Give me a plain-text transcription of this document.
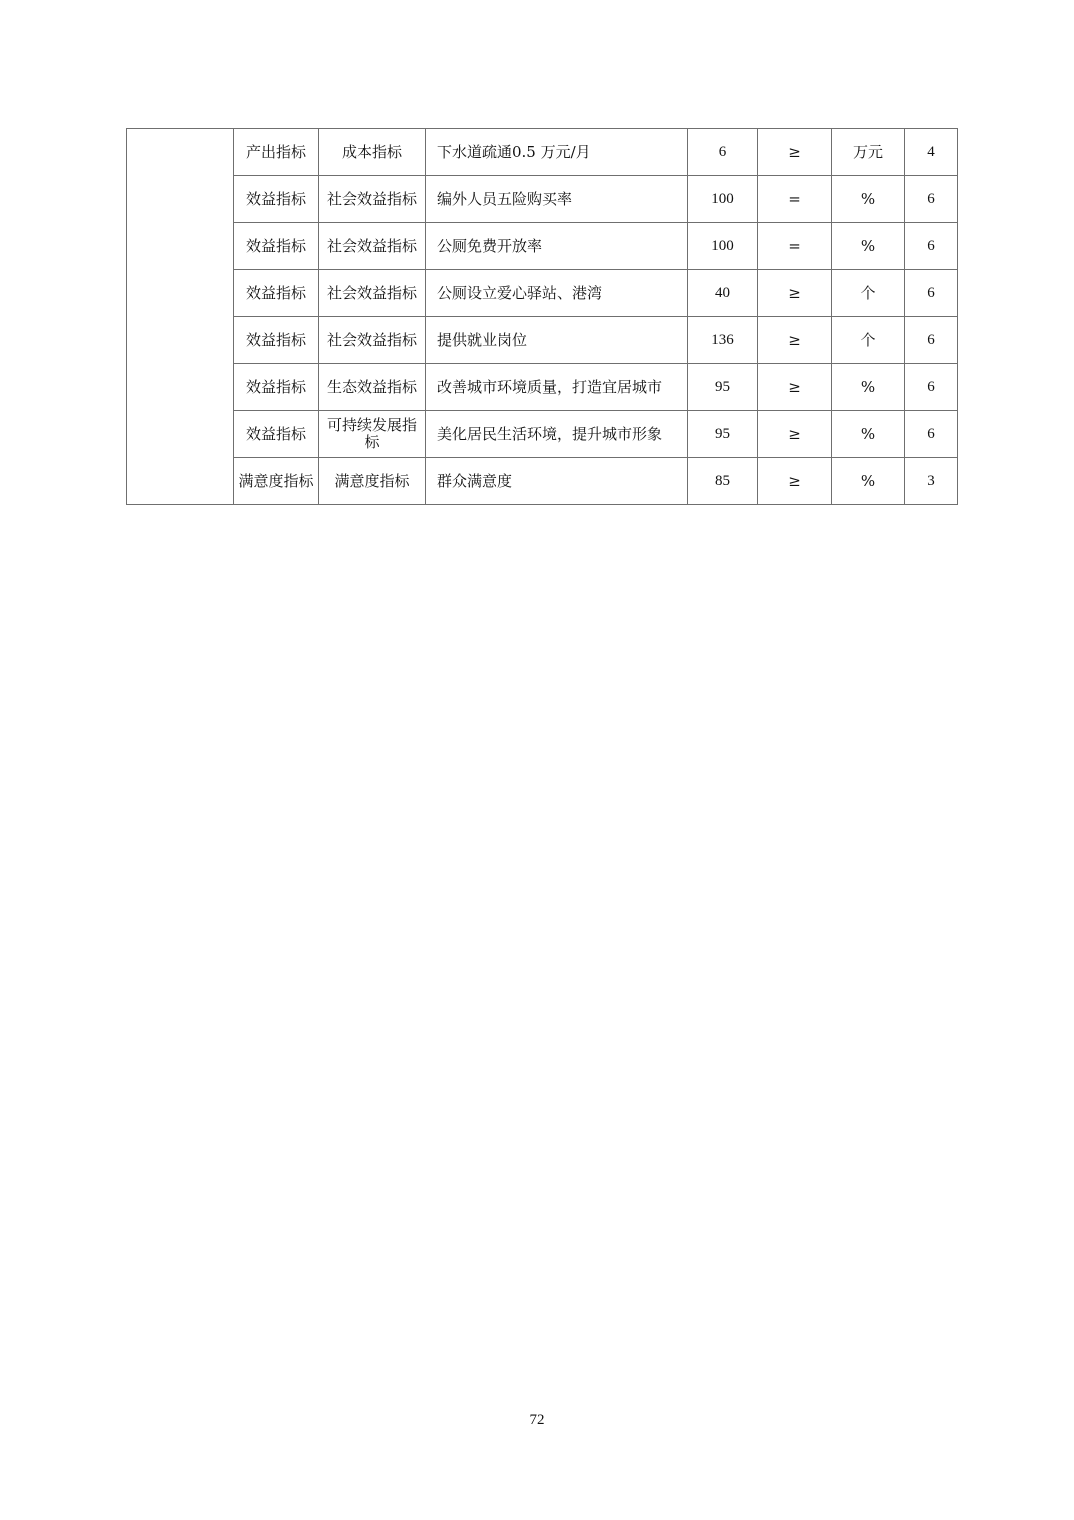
	产出指标	成本指标	下水道疏通0.5 万元/月	6	≥	万元	4
	效益指标	社会效益指标	编外人员五险购买率	100	=	%	6
	效益指标	社会效益指标	公厕免费开放率	100	=	%	6
	效益指标	社会效益指标	公厕设立爱心驿站、港湾	40	≥	个	6
	效益指标	社会效益指标	提供就业岗位	136	≥	个	6
	效益指标	生态效益指标	改善城市环境质量，打造宜居城市	95	≥	%	6
	效益指标	可持续发展指标	美化居民生活环境，提升城市形象	95	≥	%	6
	满意度指标	满意度指标	群众满意度	85	≥	%	3
72
